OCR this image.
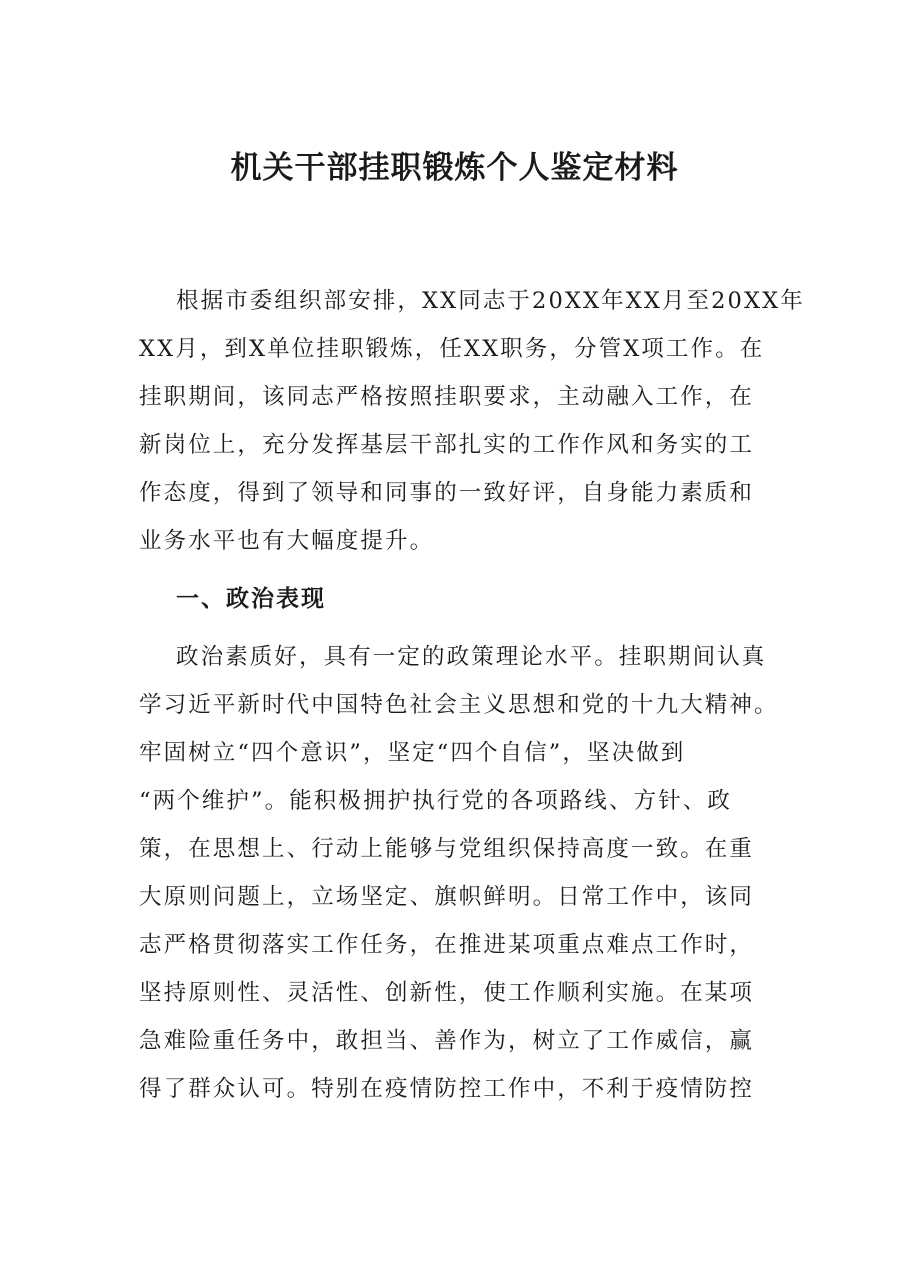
机关干部挂职锻炼个人鉴定材料
根据市委组织部安排，XX同志于20XX年XX月至20XX年
XX月，到X单位挂职锻炼，任XX职务，分管X项工作。在
挂职期间，该同志严格按照挂职要求，主动融入工作，在
新岗位上，充分发挥基层干部扎实的工作作风和务实的工
作态度，得到了领导和同事的一致好评，自身能力素质和
业务水平也有大幅度提升。
一、政治表现
政治素质好，具有一定的政策理论水平。挂职期间认真
学习近平新时代中国特色社会主义思想和党的十九大精神。
牢固树立“四个意识”，坚定“四个自信”，坚决做到
“两个维护”。能积极拥护执行党的各项路线、方针、政
策，在思想上、行动上能够与党组织保持高度一致。在重
大原则问题上，立场坚定、旗帜鲜明。日常工作中，该同
志严格贯彻落实工作任务，在推进某项重点难点工作时，
坚持原则性、灵活性、创新性，使工作顺利实施。在某项
急难险重任务中，敢担当、善作为，树立了工作威信，赢
得了群众认可。特别在疫情防控工作中，不利于疫情防控
